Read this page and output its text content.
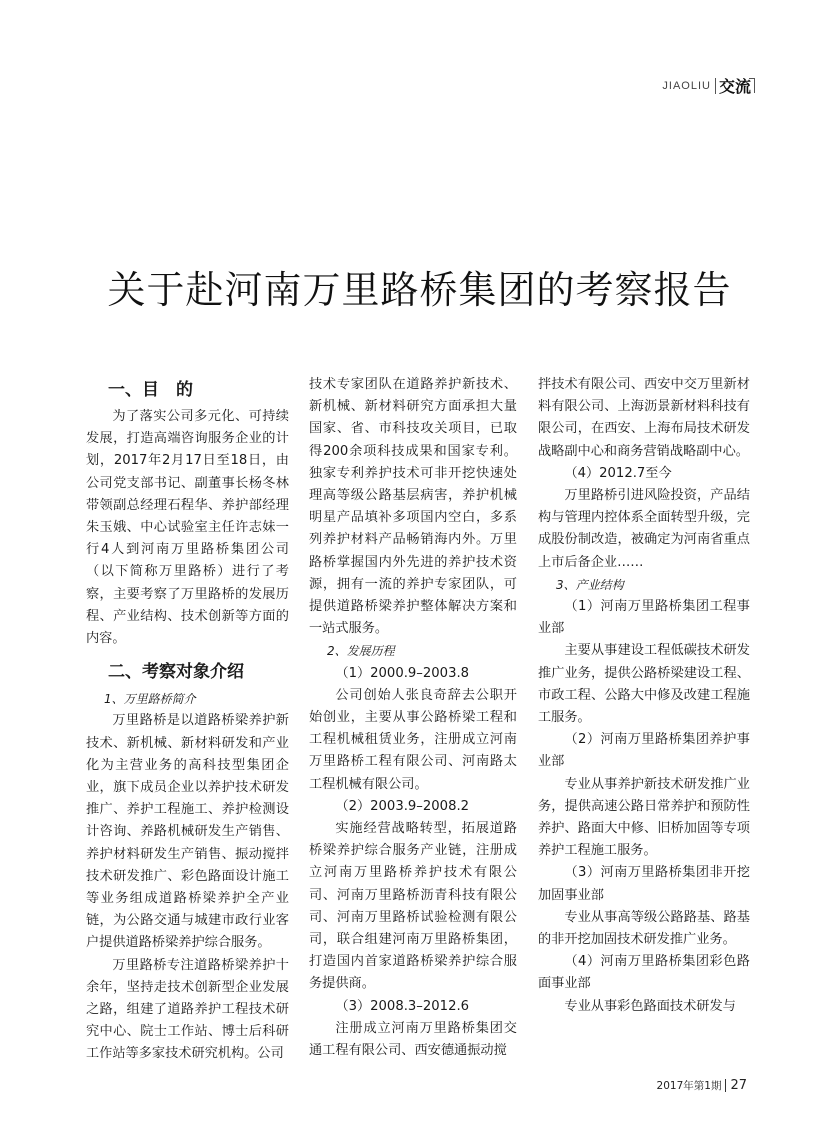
JIAOLIU 交流
关于赴河南万里路桥集团的考察报告

一、目　的

为了落实公司多元化、可持续发展，打造高端咨询服务企业的计划，2017年2月17日至18日，由公司党支部书记、副董事长杨冬林带领副总经理石程华、养护部经理朱玉娥、中心试验室主任许志妹一行4人到河南万里路桥集团公司（以下简称万里路桥）进行了考察，主要考察了万里路桥的发展历程、产业结构、技术创新等方面的内容。

二、考察对象介绍

1、万里路桥简介

万里路桥是以道路桥梁养护新技术、新机械、新材料研发和产业化为主营业务的高科技型集团企业，旗下成员企业以养护技术研发推广、养护工程施工、养护检测设计咨询、养路机械研发生产销售、养护材料研发生产销售、振动搅拌技术研发推广、彩色路面设计施工等业务组成道路桥梁养护全产业链，为公路交通与城建市政行业客户提供道路桥梁养护综合服务。

万里路桥专注道路桥梁养护十余年，坚持走技术创新型企业发展之路，组建了道路养护工程技术研究中心、院士工作站、博士后科研工作站等多家技术研究机构。公司

技术专家团队在道路养护新技术、新机械、新材料研究方面承担大量国家、省、市科技攻关项目，已取得200余项科技成果和国家专利。独家专利养护技术可非开挖快速处理高等级公路基层病害，养护机械明星产品填补多项国内空白，多系列养护材料产品畅销海内外。万里路桥掌握国内外先进的养护技术资源，拥有一流的养护专家团队，可提供道路桥梁养护整体解决方案和一站式服务。

2、发展历程

（1）2000.9–2003.8

公司创始人张良奇辞去公职开始创业，主要从事公路桥梁工程和工程机械租赁业务，注册成立河南万里路桥工程有限公司、河南路太工程机械有限公司。

（2）2003.9–2008.2

实施经营战略转型，拓展道路桥梁养护综合服务产业链，注册成立河南万里路桥养护技术有限公司、河南万里路桥沥青科技有限公司、河南万里路桥试验检测有限公司，联合组建河南万里路桥集团，打造国内首家道路桥梁养护综合服务提供商。

（3）2008.3–2012.6

注册成立河南万里路桥集团交通工程有限公司、西安德通振动搅

拌技术有限公司、西安中交万里新材料有限公司、上海沥景新材料科技有限公司，在西安、上海布局技术研发战略副中心和商务营销战略副中心。

（4）2012.7至今

万里路桥引进风险投资，产品结构与管理内控体系全面转型升级，完成股份制改造，被确定为河南省重点上市后备企业……

3、产业结构

（1）河南万里路桥集团工程事业部

主要从事建设工程低碳技术研发推广业务，提供公路桥梁建设工程、市政工程、公路大中修及改建工程施工服务。

（2）河南万里路桥集团养护事业部

专业从事养护新技术研发推广业务，提供高速公路日常养护和预防性养护、路面大中修、旧桥加固等专项养护工程施工服务。

（3）河南万里路桥集团非开挖加固事业部

专业从事高等级公路路基、路基的非开挖加固技术研发推广业务。

（4）河南万里路桥集团彩色路面事业部

专业从事彩色路面技术研发与

2017年第1期 27
